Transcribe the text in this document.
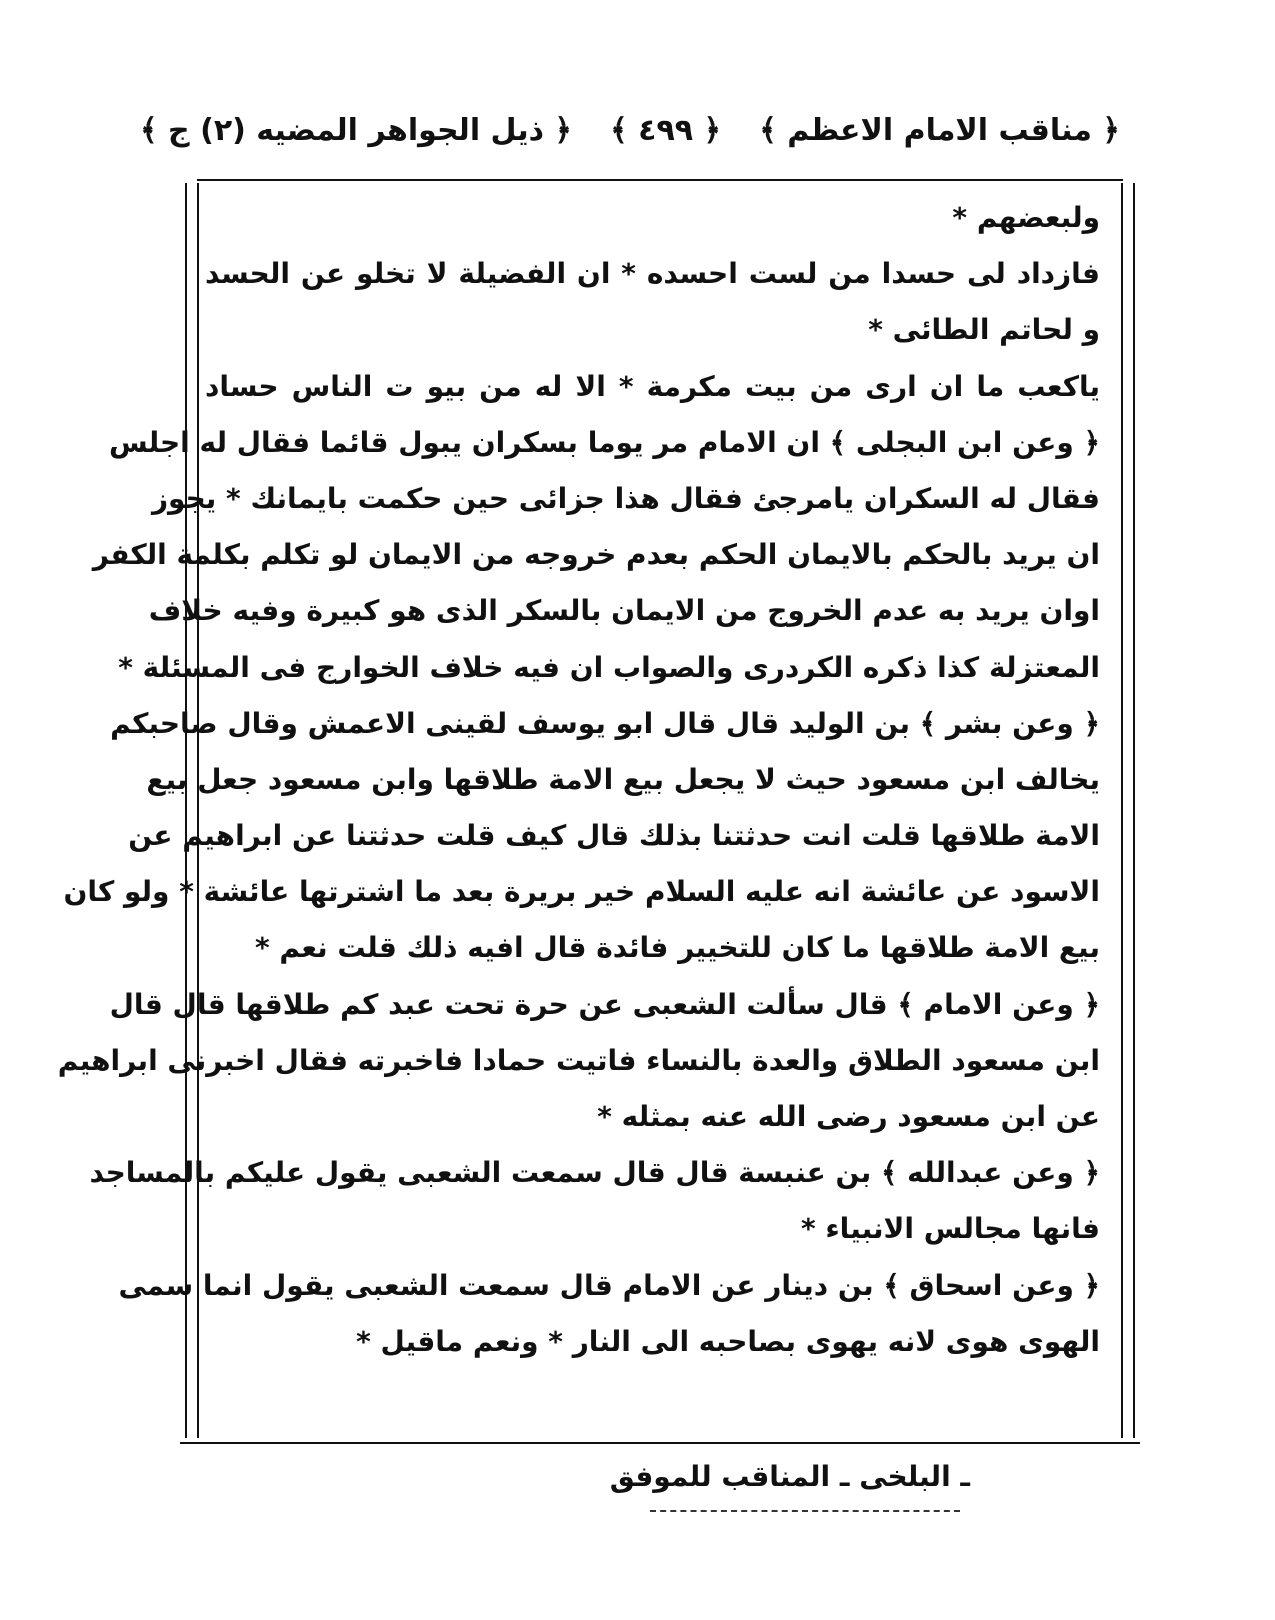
﴿ مناقب الامام الاعظم ﴾
﴿ ٤٩٩ ﴾
﴿ ذيل الجواهر المضيه (٢) ج ﴾
ولبعضهم *
فازداد لی حسدا من لست احسده * ان الفضيلة لا تخلو عن الحسد
و لحاتم الطائی *
یاکعب ما ان اری من بیت مکرمة * الا له من بیو ت الناس حساد
﴿ وعن ابن البجلی ﴾ ان الامام مر یوما بسکران یبول قائما فقال له اجلس
فقال له السکران یامرجئ فقال هذا جزائی حین حکمت بایمانك * یجوز
ان یرید بالحکم بالایمان الحکم بعدم خروجه من الایمان لو تکلم بکلمة الکفر
اوان یرید به عدم الخروج من الایمان بالسکر الذی هو کبیرة وفیه خلاف
المعتزلة کذا ذکره الکردری والصواب ان فیه خلاف الخوارج فی المسئلة *
﴿ وعن بشر ﴾ بن الولید قال قال ابو یوسف لقینی الاعمش وقال صاحبکم
یخالف ابن مسعود حیث لا یجعل بیع الامة طلاقها وابن مسعود جعل بیع
الامة طلاقها قلت انت حدثتنا بذلك قال کیف قلت حدثتنا عن ابراهیم عن
الاسود عن عائشة انه علیه السلام خیر بریرة بعد ما اشترتها عائشة * ولو کان
بیع الامة طلاقها ما کان للتخییر فائدة قال افیه ذلك قلت نعم *
﴿ وعن الامام ﴾ قال سألت الشعبی عن حرة تحت عبد کم طلاقها قال قال
ابن مسعود الطلاق والعدة بالنساء فاتیت حمادا فاخبرته فقال اخبرنی ابراهیم
عن ابن مسعود رضی الله عنه بمثله *
﴿ وعن عبدالله ﴾ بن عنبسة قال قال سمعت الشعبی یقول علیکم بالمساجد
فانها مجالس الانبیاء *
﴿ وعن اسحاق ﴾ بن دینار عن الامام قال سمعت الشعبی یقول انما سمی
الهوی هوی لانه یهوی بصاحبه الی النار * ونعم ماقیل *
ـ البلخی ـ المناقب للموفق
